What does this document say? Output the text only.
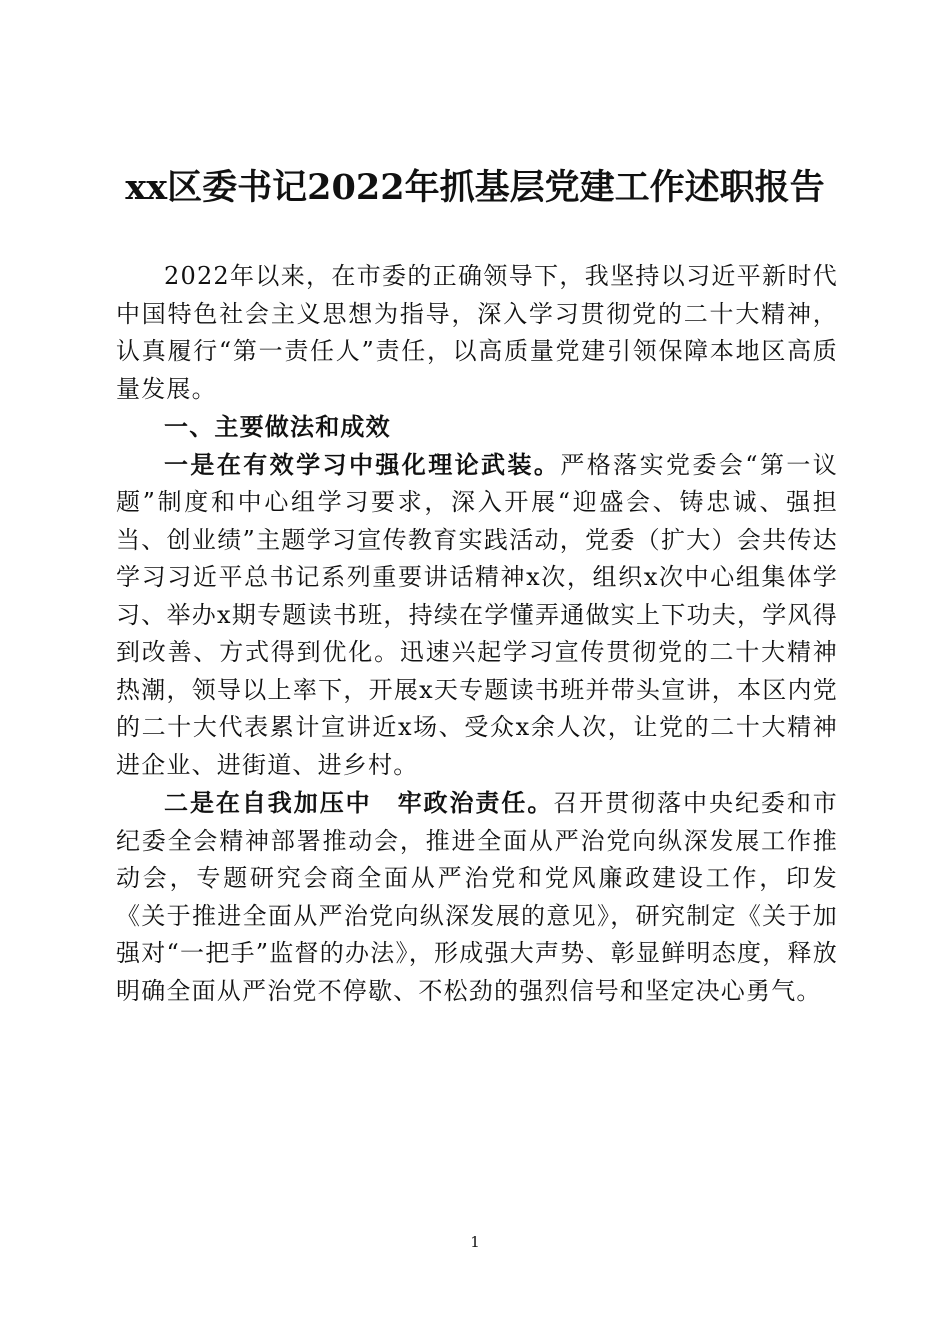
xx区委书记2022年抓基层党建工作述职报告

2022年以来，在市委的正确领导下，我坚持以习近平新时代中国特色社会主义思想为指导，深入学习贯彻党的二十大精神，认真履行“第一责任人”责任，以高质量党建引领保障本地区高质量发展。

一、主要做法和成效

一是在有效学习中强化理论武装。严格落实党委会“第一议题”制度和中心组学习要求，深入开展“迎盛会、铸忠诚、强担当、创业绩”主题学习宣传教育实践活动，党委（扩大）会共传达学习习近平总书记系列重要讲话精神x次，组织x次中心组集体学习、举办x期专题读书班，持续在学懂弄通做实上下功夫，学风得到改善、方式得到优化。迅速兴起学习宣传贯彻党的二十大精神热潮，领导以上率下，开展x天专题读书班并带头宣讲，本区内党的二十大代表累计宣讲近x场、受众x余人次，让党的二十大精神进企业、进街道、进乡村。

二是在自我加压中　牢政治责任。召开贯彻落中央纪委和市纪委全会精神部署推动会，推进全面从严治党向纵深发展工作推动会，专题研究会商全面从严治党和党风廉政建设工作，印发《关于推进全面从严治党向纵深发展的意见》，研究制定《关于加强对“一把手”监督的办法》，形成强大声势、彰显鲜明态度，释放明确全面从严治党不停歇、不松劲的强烈信号和坚定决心勇气。

1
